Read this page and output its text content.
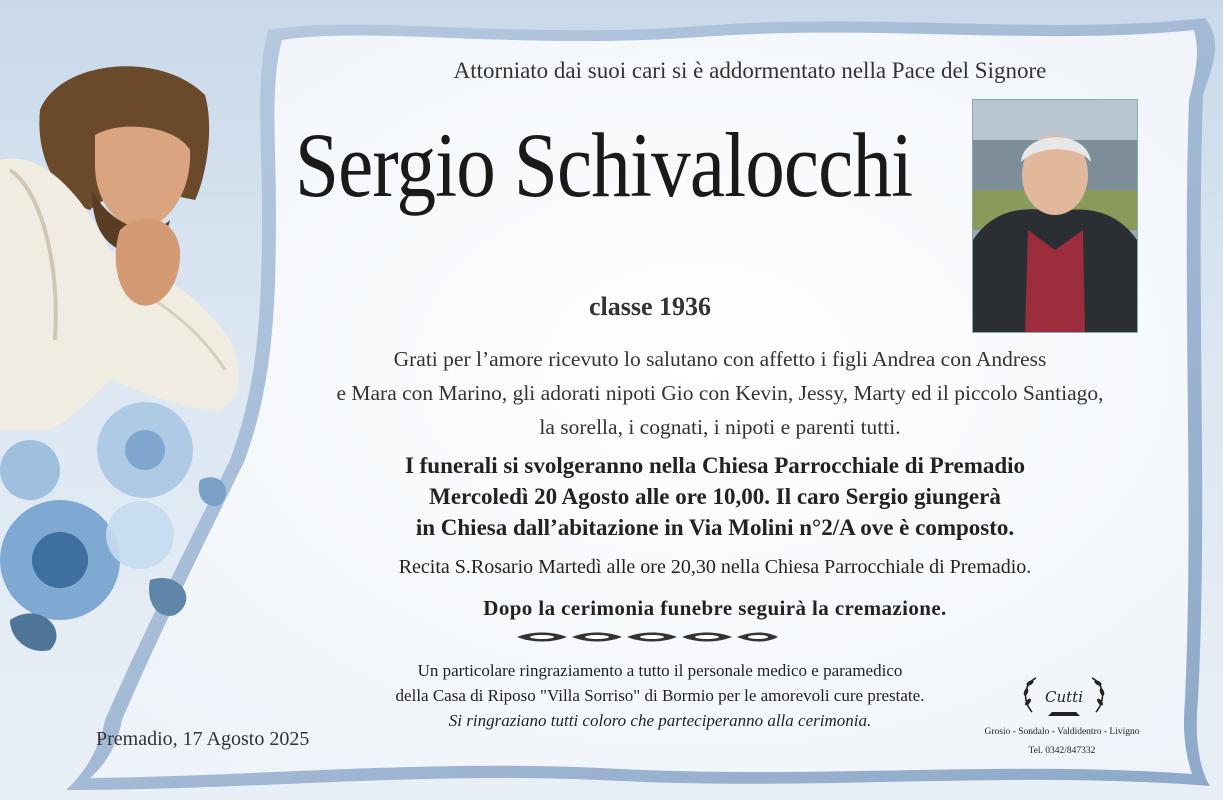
Attorniato dai suoi cari si è addormentato nella Pace del Signore
Sergio Schivalocchi
classe 1936
Grati per l’amore ricevuto lo salutano con affetto i figli Andrea con Andress
e Mara con Marino, gli adorati nipoti Gio con Kevin, Jessy, Marty ed il piccolo Santiago,
la sorella, i cognati, i nipoti e parenti tutti.
I funerali si svolgeranno nella Chiesa Parrocchiale di Premadio
Mercoledì 20 Agosto alle ore 10,00. Il caro Sergio giungerà
in Chiesa dall’abitazione in Via Molini n°2/A ove è composto.
Recita S.Rosario Martedì alle ore 20,30 nella Chiesa Parrocchiale di Premadio.
Dopo la cerimonia funebre seguirà la cremazione.
Un particolare ringraziamento a tutto il personale medico e paramedico
della Casa di Riposo "Villa Sorriso" di Bormio per le amorevoli cure prestate.
Si ringraziano tutti coloro che parteciperanno alla cerimonia.
Premadio, 17 Agosto 2025
Cutti
Grosio - Sondalo - Valdidentro - Livigno
Tel. 0342/847332
